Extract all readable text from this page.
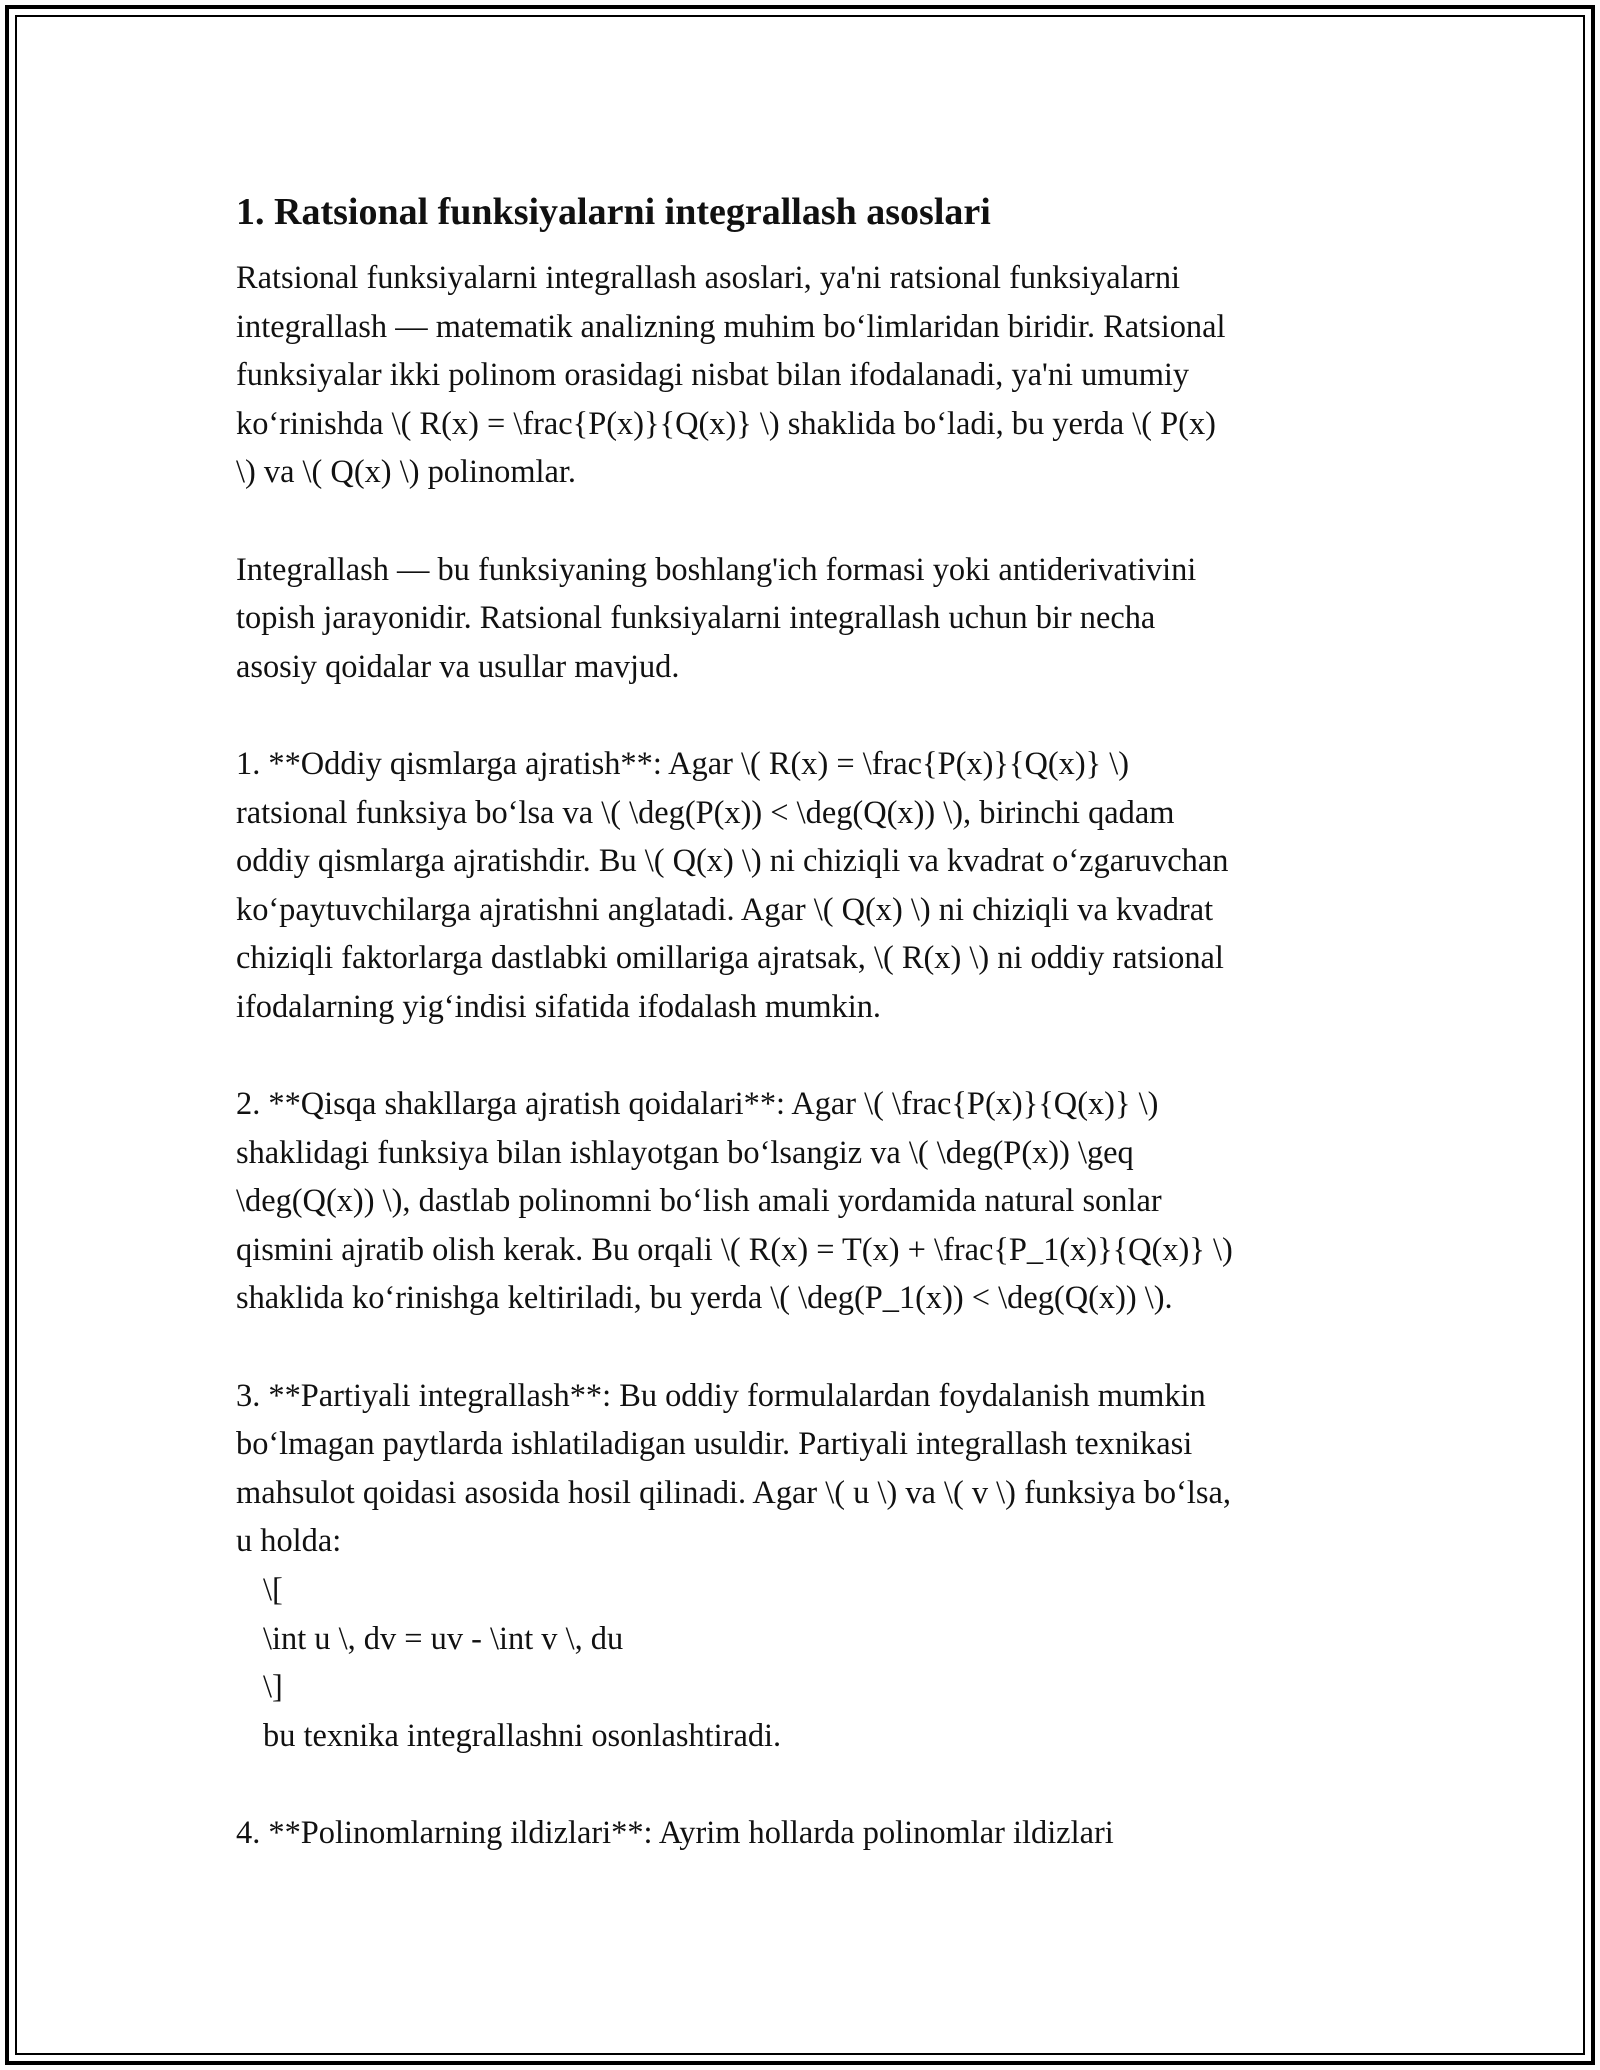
1. Ratsional funksiyalarni integrallash asoslari
Ratsional funksiyalarni integrallash asoslari, ya'ni ratsional funksiyalarni
integrallash — matematik analizning muhim bo‘limlaridan biridir. Ratsional
funksiyalar ikki polinom orasidagi nisbat bilan ifodalanadi, ya'ni umumiy
ko‘rinishda \( R(x) = \frac{P(x)}{Q(x)} \) shaklida bo‘ladi, bu yerda \( P(x)
\) va \( Q(x) \) polinomlar.
Integrallash — bu funksiyaning boshlang'ich formasi yoki antiderivativini
topish jarayonidir. Ratsional funksiyalarni integrallash uchun bir necha
asosiy qoidalar va usullar mavjud.
1. **Oddiy qismlarga ajratish**: Agar \( R(x) = \frac{P(x)}{Q(x)} \)
ratsional funksiya bo‘lsa va \( \deg(P(x)) < \deg(Q(x)) \), birinchi qadam
oddiy qismlarga ajratishdir. Bu \( Q(x) \) ni chiziqli va kvadrat o‘zgaruvchan
ko‘paytuvchilarga ajratishni anglatadi. Agar \( Q(x) \) ni chiziqli va kvadrat
chiziqli faktorlarga dastlabki omillariga ajratsak, \( R(x) \) ni oddiy ratsional
ifodalarning yig‘indisi sifatida ifodalash mumkin.
2. **Qisqa shakllarga ajratish qoidalari**: Agar \( \frac{P(x)}{Q(x)} \)
shaklidagi funksiya bilan ishlayotgan bo‘lsangiz va \( \deg(P(x)) \geq
\deg(Q(x)) \), dastlab polinomni bo‘lish amali yordamida natural sonlar
qismini ajratib olish kerak. Bu orqali \( R(x) = T(x) + \frac{P_1(x)}{Q(x)} \)
shaklida ko‘rinishga keltiriladi, bu yerda \( \deg(P_1(x)) < \deg(Q(x)) \).
3. **Partiyali integrallash**: Bu oddiy formulalardan foydalanish mumkin
bo‘lmagan paytlarda ishlatiladigan usuldir. Partiyali integrallash texnikasi
mahsulot qoidasi asosida hosil qilinadi. Agar \( u \) va \( v \) funksiya bo‘lsa,
u holda:
\[
\int u \, dv = uv - \int v \, du
\]
bu texnika integrallashni osonlashtiradi.
4. **Polinomlarning ildizlari**: Ayrim hollarda polinomlar ildizlari
